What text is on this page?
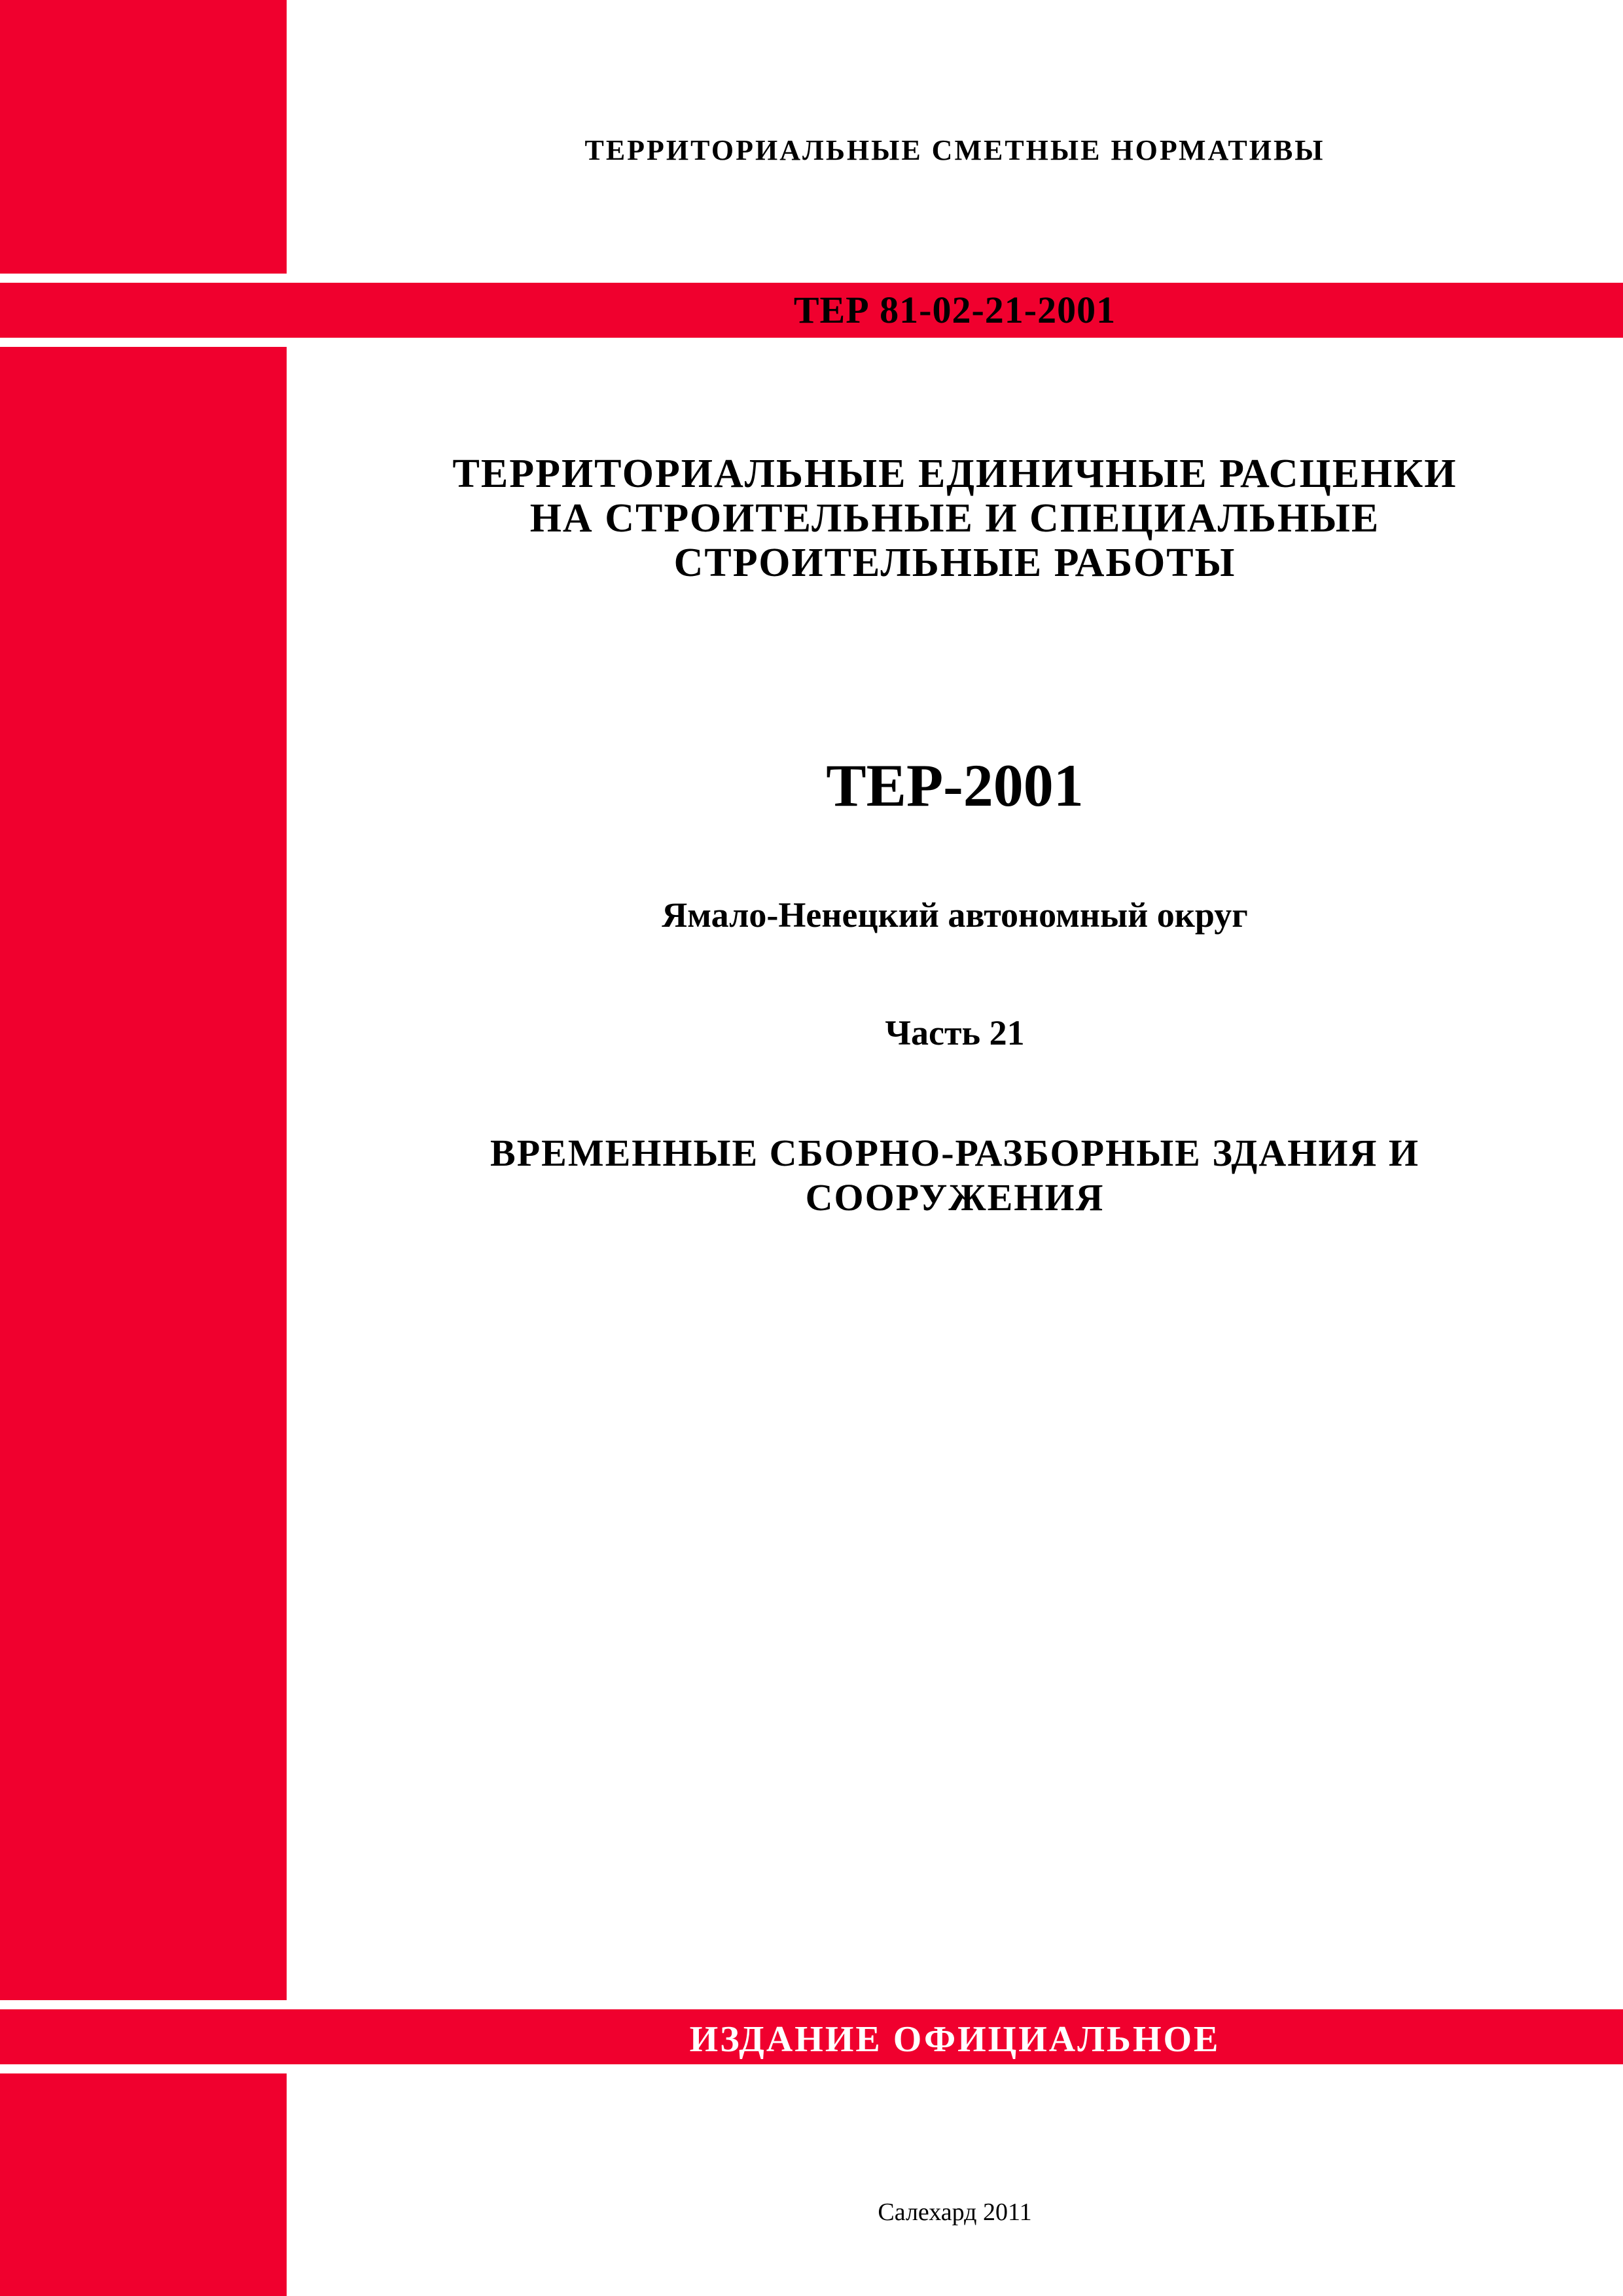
ТЕРРИТОРИАЛЬНЫЕ СМЕТНЫЕ НОРМАТИВЫ
ТЕР 81-02-21-2001
ТЕРРИТОРИАЛЬНЫЕ ЕДИНИЧНЫЕ РАСЦЕНКИ
НА СТРОИТЕЛЬНЫЕ И СПЕЦИАЛЬНЫЕ
СТРОИТЕЛЬНЫЕ РАБОТЫ
ТЕР-2001
Ямало-Ненецкий автономный округ
Часть 21
ВРЕМЕННЫЕ СБОРНО-РАЗБОРНЫЕ ЗДАНИЯ И
СООРУЖЕНИЯ
ИЗДАНИЕ ОФИЦИАЛЬНОЕ
Салехард 2011
